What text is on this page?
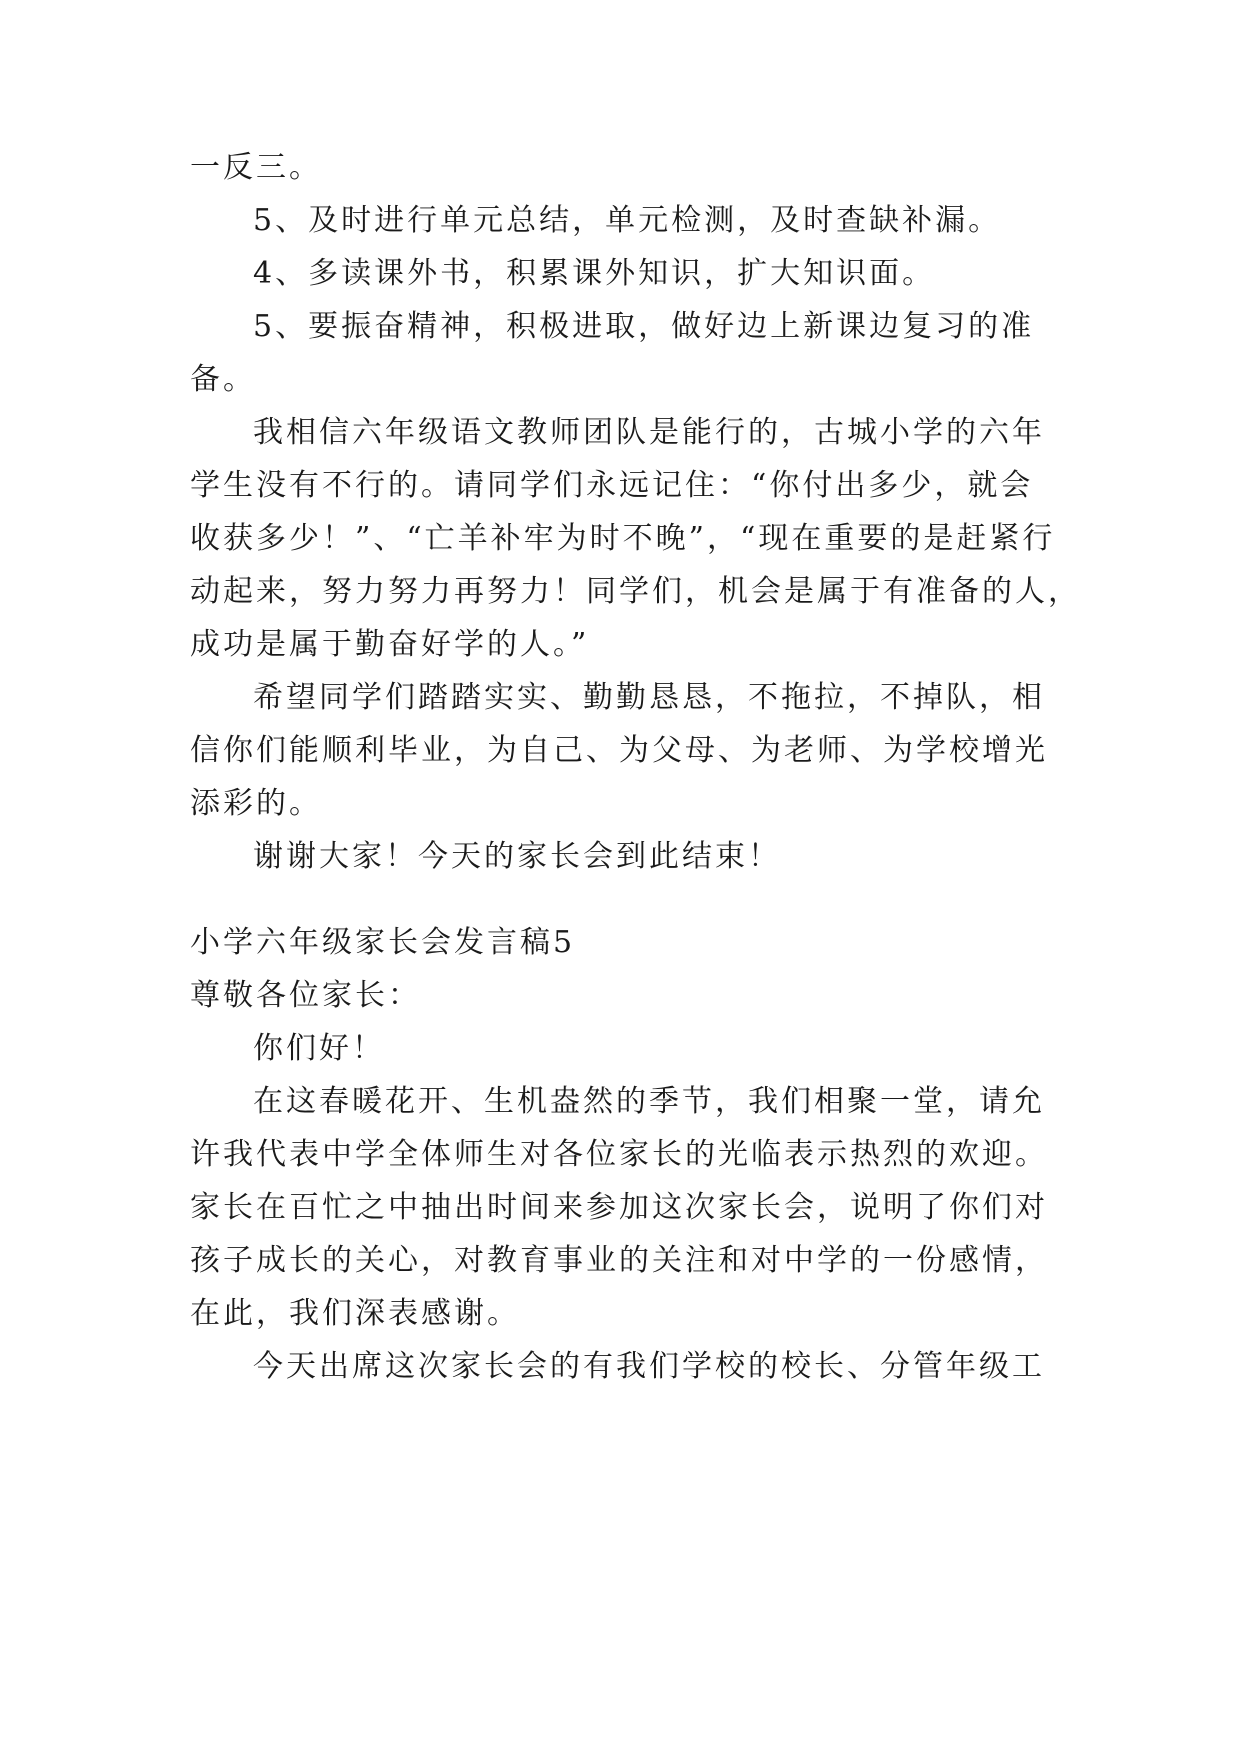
一反三。
5、及时进行单元总结，单元检测，及时查缺补漏。
4、多读课外书，积累课外知识，扩大知识面。
5、要振奋精神，积极进取，做好边上新课边复习的准
备。
我相信六年级语文教师团队是能行的，古城小学的六年
学生没有不行的。请同学们永远记住：“你付出多少，就会
收获多少！”、“亡羊补牢为时不晚”，“现在重要的是赶紧行
动起来，努力努力再努力！同学们，机会是属于有准备的人，
成功是属于勤奋好学的人。”
希望同学们踏踏实实、勤勤恳恳，不拖拉，不掉队，相
信你们能顺利毕业，为自己、为父母、为老师、为学校增光
添彩的。
谢谢大家！今天的家长会到此结束！
小学六年级家长会发言稿5
尊敬各位家长：
你们好！
在这春暖花开、生机盎然的季节，我们相聚一堂，请允
许我代表中学全体师生对各位家长的光临表示热烈的欢迎。
家长在百忙之中抽出时间来参加这次家长会，说明了你们对
孩子成长的关心，对教育事业的关注和对中学的一份感情，
在此，我们深表感谢。
今天出席这次家长会的有我们学校的校长、分管年级工
